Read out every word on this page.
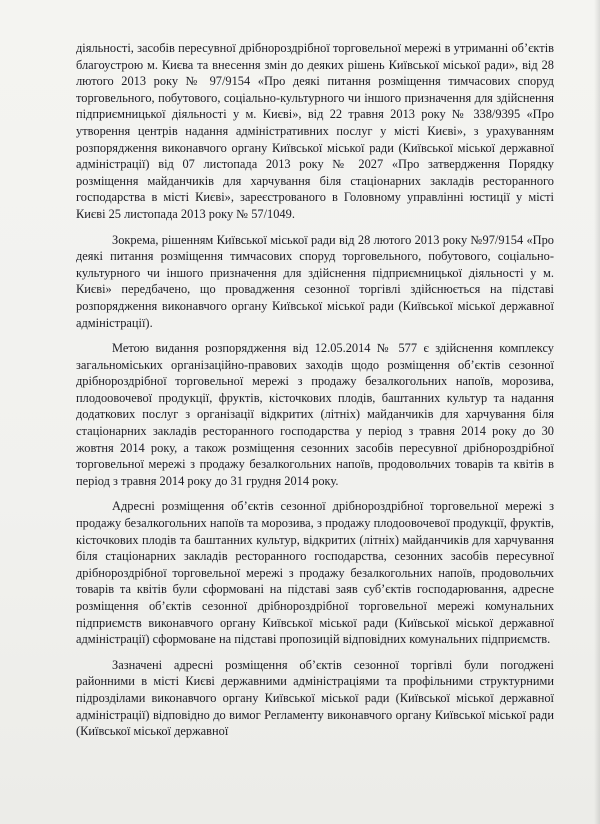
діяльності, засобів пересувної дрібнороздрібної торговельної мережі в утриманні об’єктів благоустрою м. Києва та внесення змін до деяких рішень Київської міської ради», від 28 лютого 2013 року № 97/9154 «Про деякі питання розміщення тимчасових споруд торговельного, побутового, соціально-культурного чи іншого призначення для здійснення підприємницької діяльності у м. Києві», від 22 травня 2013 року № 338/9395 «Про утворення центрів надання адміністративних послуг у місті Києві», з урахуванням розпорядження виконавчого органу Київської міської ради (Київської міської державної адміністрації) від 07 листопада 2013 року № 2027 «Про затвердження Порядку розміщення майданчиків для харчування біля стаціонарних закладів ресторанного господарства в місті Києві», зареєстрованого в Головному управлінні юстиції у місті Києві 25 листопада 2013 року № 57/1049.

Зокрема, рішенням Київської міської ради від 28 лютого 2013 року №97/9154 «Про деякі питання розміщення тимчасових споруд торговельного, побутового, соціально-культурного чи іншого призначення для здійснення підприємницької діяльності у м. Києві» передбачено, що провадження сезонної торгівлі здійснюється на підставі розпорядження виконавчого органу Київської міської ради (Київської міської державної адміністрації).

Метою видання розпорядження від 12.05.2014 № 577 є здійснення комплексу загальноміських організаційно-правових заходів щодо розміщення об’єктів сезонної дрібнороздрібної торговельної мережі з продажу безалкогольних напоїв, морозива, плодоовочевої продукції, фруктів, кісточкових плодів, баштанних культур та надання додаткових послуг з організації відкритих (літніх) майданчиків для харчування біля стаціонарних закладів ресторанного господарства у період з травня 2014 року до 30 жовтня 2014 року, а також розміщення сезонних засобів пересувної дрібнороздрібної торговельної мережі з продажу безалкогольних напоїв, продовольчих товарів та квітів в період з травня 2014 року до 31 грудня 2014 року.

Адресні розміщення об’єктів сезонної дрібнороздрібної торговельної мережі з продажу безалкогольних напоїв та морозива, з продажу плодоовочевої продукції, фруктів, кісточкових плодів та баштанних культур, відкритих (літніх) майданчиків для харчування біля стаціонарних закладів ресторанного господарства, сезонних засобів пересувної дрібнороздрібної торговельної мережі з продажу безалкогольних напоїв, продовольчих товарів та квітів були сформовані на підставі заяв суб’єктів господарювання, адресне розміщення об’єктів сезонної дрібнороздрібної торговельної мережі комунальних підприємств виконавчого органу Київської міської ради (Київської міської державної адміністрації) сформоване на підставі пропозицій відповідних комунальних підприємств.

Зазначені адресні розміщення об’єктів сезонної торгівлі були погоджені районними в місті Києві державними адміністраціями та профільними структурними підрозділами виконавчого органу Київської міської ради (Київської міської державної адміністрації) відповідно до вимог Регламенту виконавчого органу Київської міської ради (Київської міської державної
